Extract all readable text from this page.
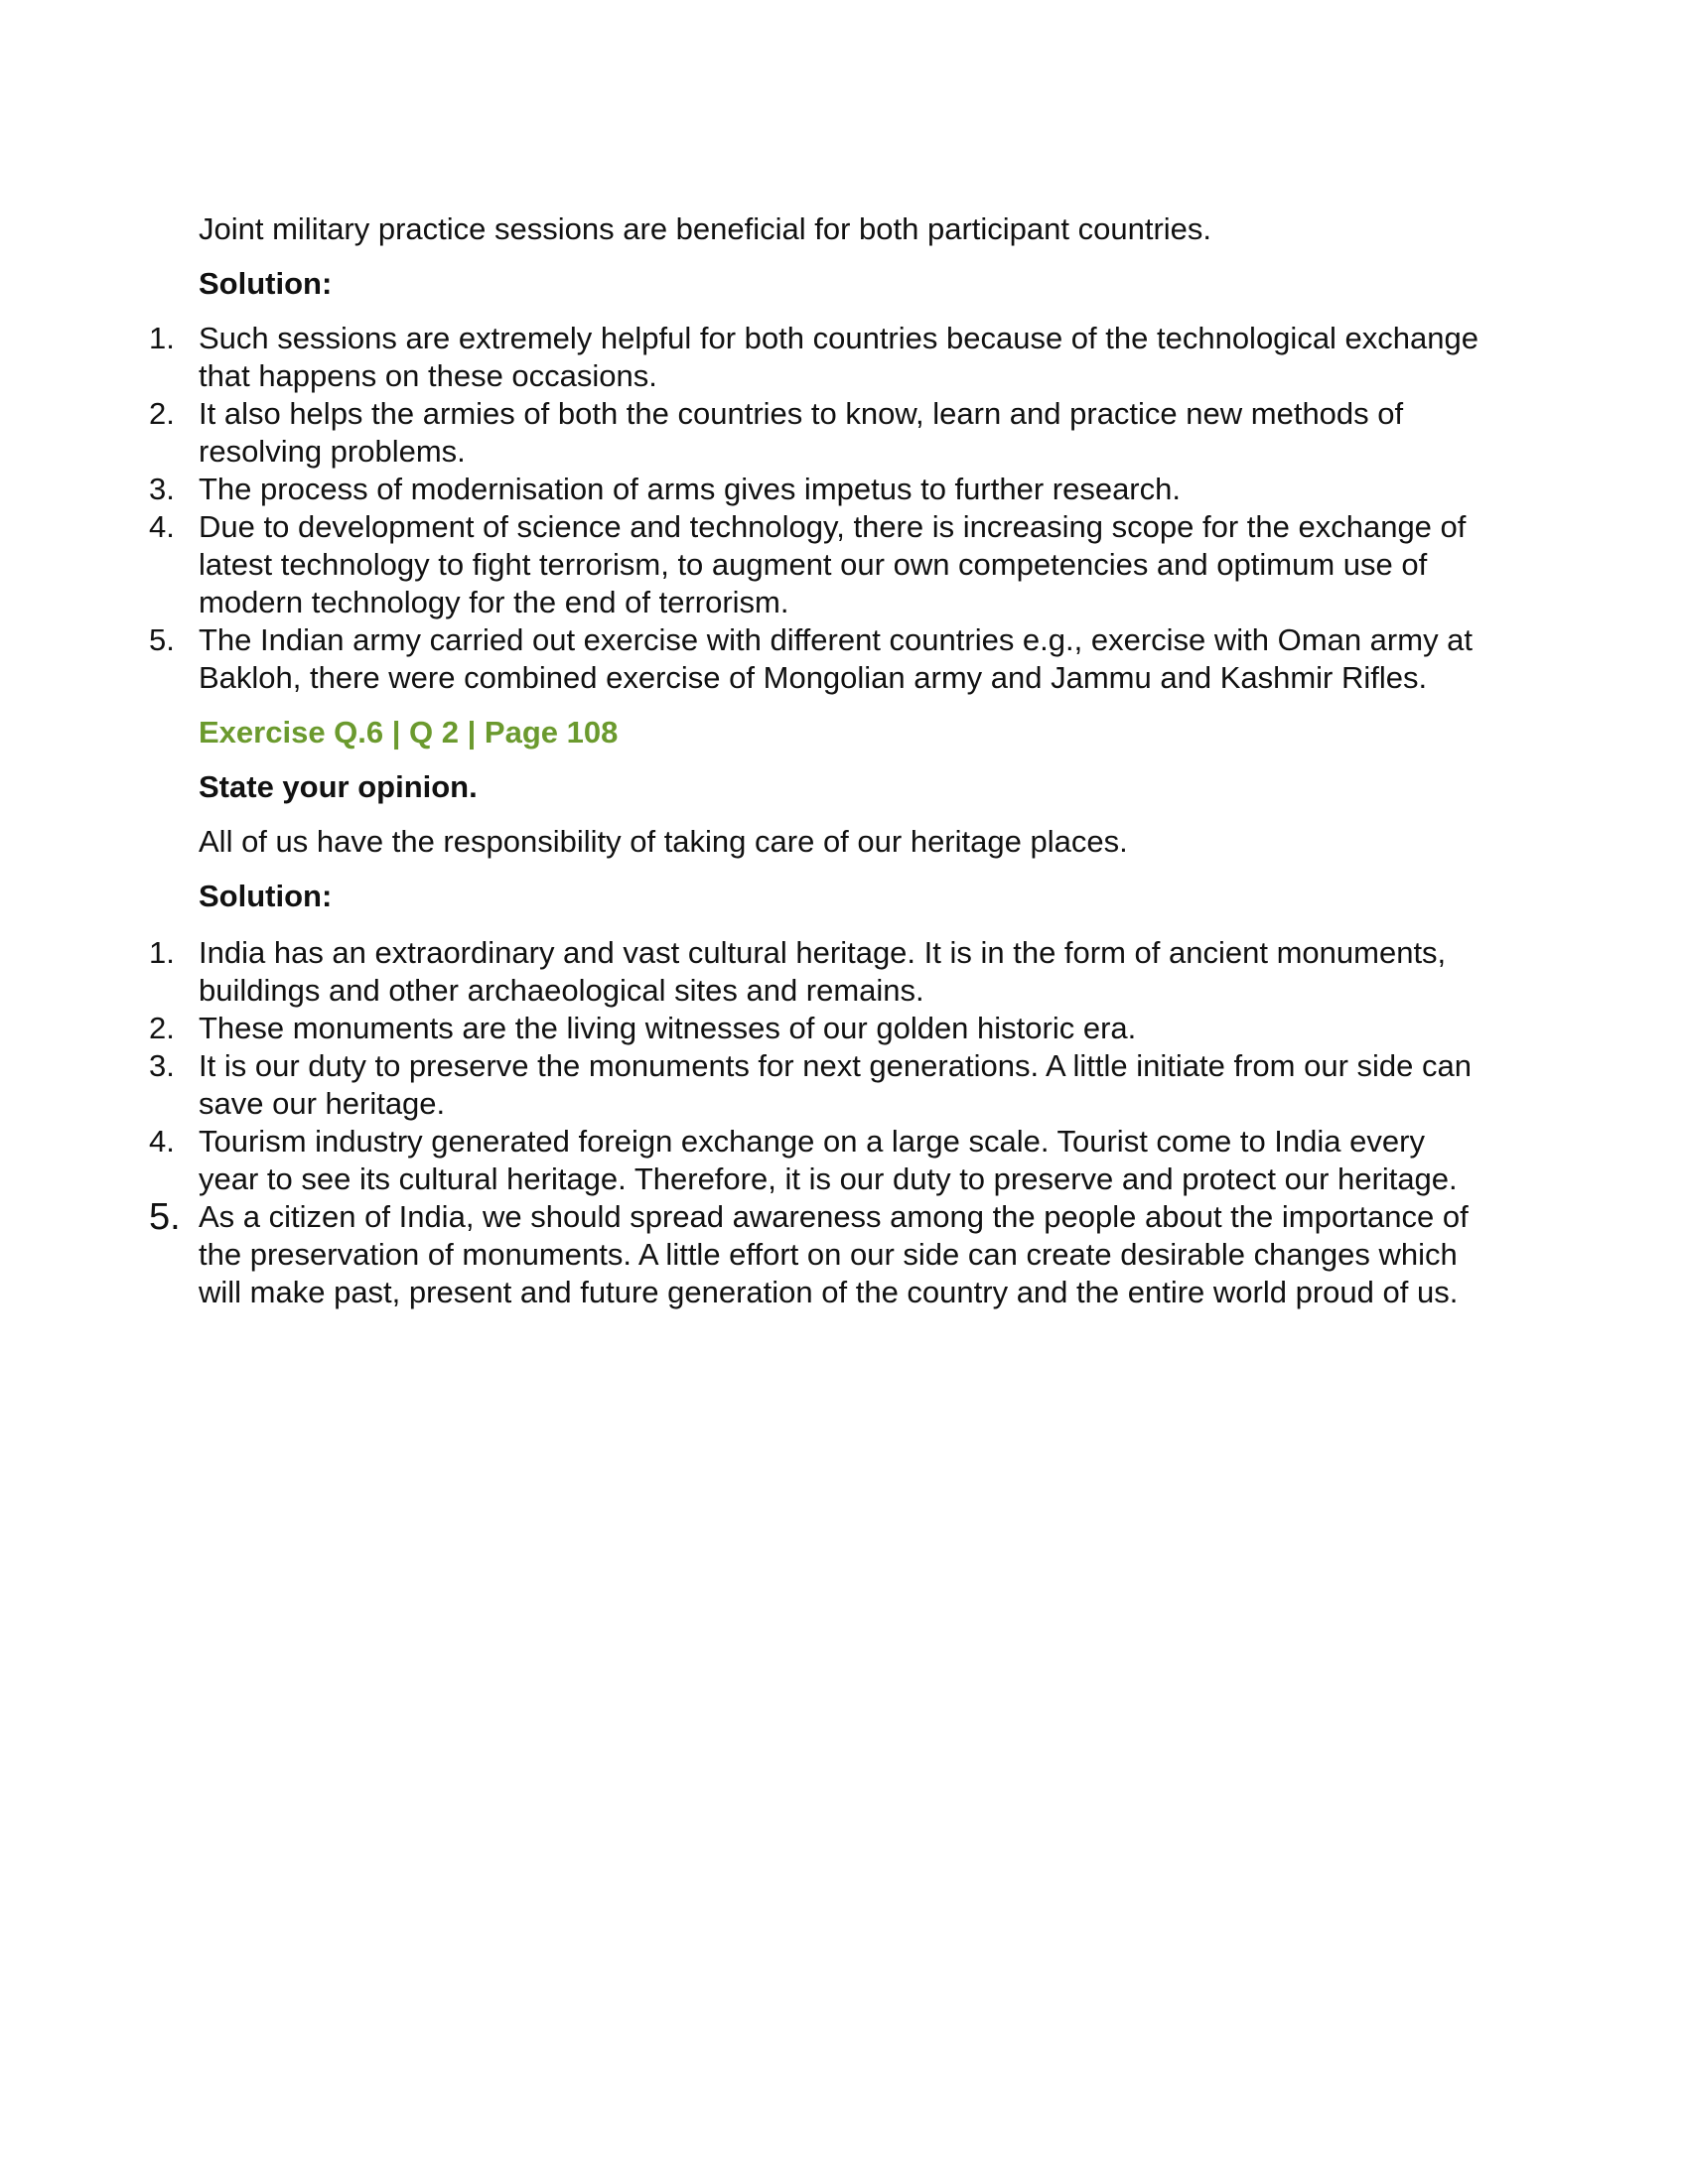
Joint military practice sessions are beneficial for both participant countries.

Solution:

1. Such sessions are extremely helpful for both countries because of the technological exchange that happens on these occasions.
2. It also helps the armies of both the countries to know, learn and practice new methods of resolving problems.
3. The process of modernisation of arms gives impetus to further research.
4. Due to development of science and technology, there is increasing scope for the exchange of latest technology to fight terrorism, to augment our own competencies and optimum use of modern technology for the end of terrorism.
5. The Indian army carried out exercise with different countries e.g., exercise with Oman army at Bakloh, there were combined exercise of Mongolian army and Jammu and Kashmir Rifles.

Exercise Q.6 | Q 2 | Page 108

State your opinion.

All of us have the responsibility of taking care of our heritage places.

Solution:

1. India has an extraordinary and vast cultural heritage. It is in the form of ancient monuments, buildings and other archaeological sites and remains.
2. These monuments are the living witnesses of our golden historic era.
3. It is our duty to preserve the monuments for next generations. A little initiate from our side can save our heritage.
4. Tourism industry generated foreign exchange on a large scale. Tourist come to India every year to see its cultural heritage. Therefore, it is our duty to preserve and protect our heritage.
5. As a citizen of India, we should spread awareness among the people about the importance of the preservation of monuments. A little effort on our side can create desirable changes which will make past, present and future generation of the country and the entire world proud of us.
